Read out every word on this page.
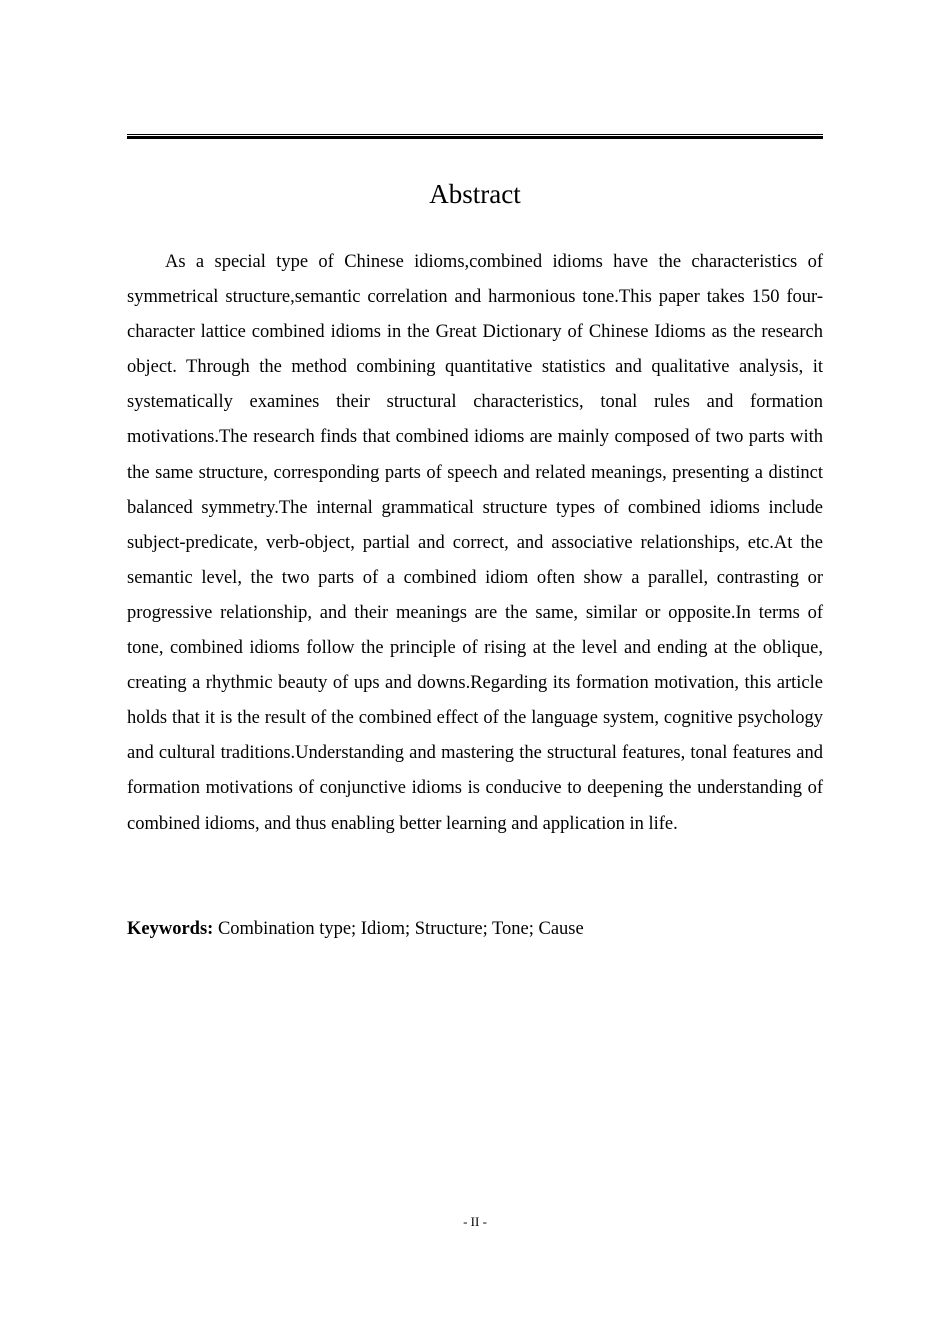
Abstract

As a special type of Chinese idioms,combined idioms have the characteristics of symmetrical structure,semantic correlation and harmonious tone.This paper takes 150 four-character lattice combined idioms in the Great Dictionary of Chinese Idioms as the research object. Through the method combining quantitative statistics and qualitative analysis, it systematically examines their structural characteristics, tonal rules and formation motivations.The research finds that combined idioms are mainly composed of two parts with the same structure, corresponding parts of speech and related meanings, presenting a distinct balanced symmetry.The internal grammatical structure types of combined idioms include subject-predicate, verb-object, partial and correct, and associative relationships, etc.At the semantic level, the two parts of a combined idiom often show a parallel, contrasting or progressive relationship, and their meanings are the same, similar or opposite.In terms of tone, combined idioms follow the principle of rising at the level and ending at the oblique, creating a rhythmic beauty of ups and downs.Regarding its formation motivation, this article holds that it is the result of the combined effect of the language system, cognitive psychology and cultural traditions.Understanding and mastering the structural features, tonal features and formation motivations of conjunctive idioms is conducive to deepening the understanding of combined idioms, and thus enabling better learning and application in life.

Keywords: Combination type; Idiom; Structure; Tone; Cause

- II -
